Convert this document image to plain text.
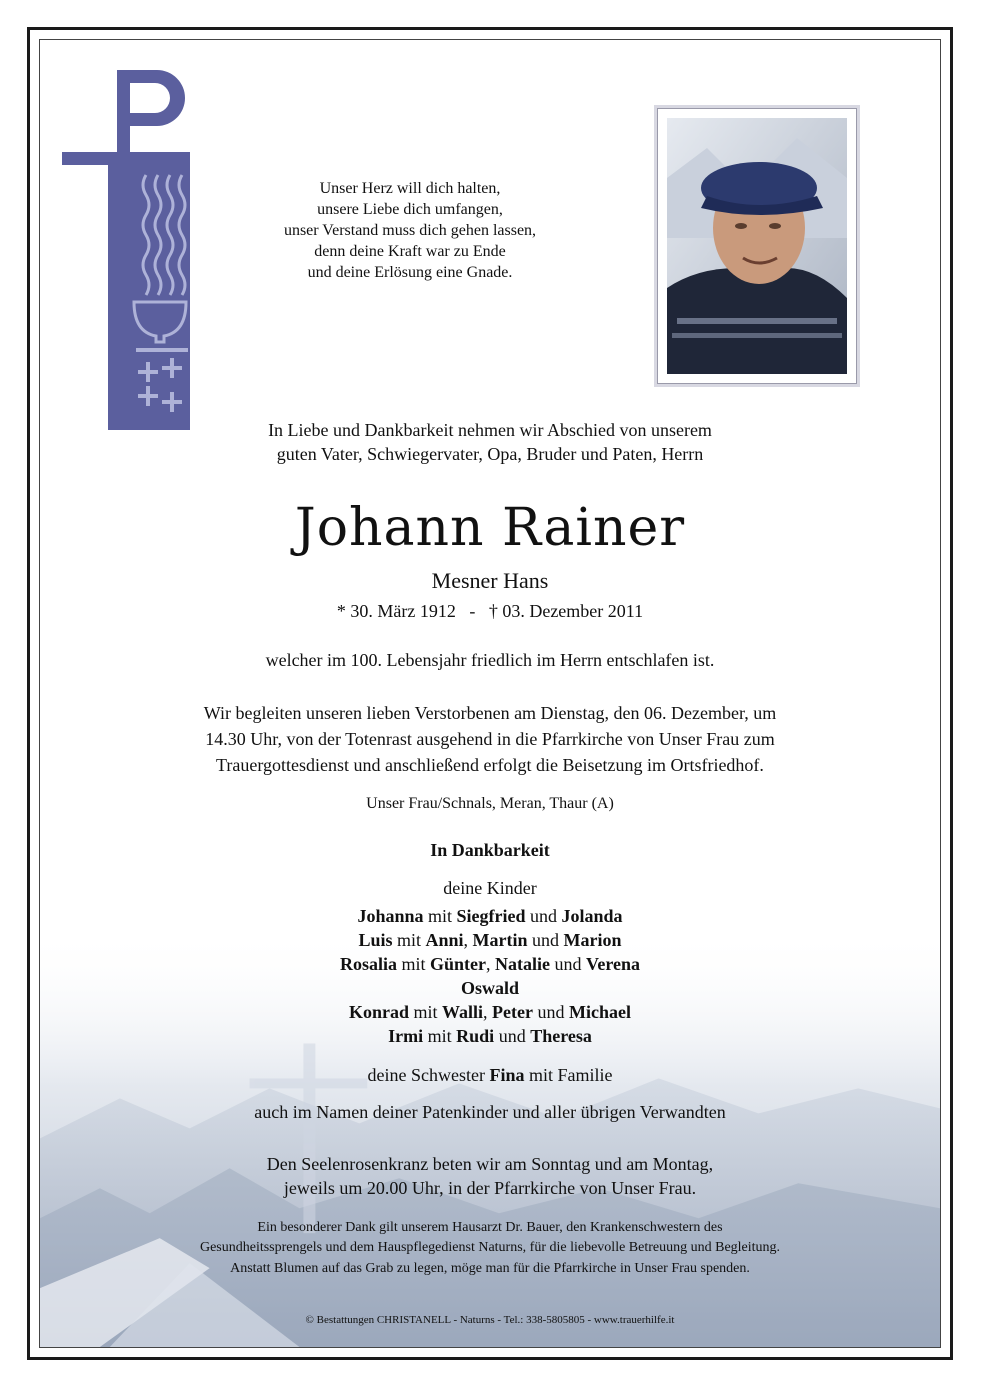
Unser Herz will dich halten,
unsere Liebe dich umfangen,
unser Verstand muss dich gehen lassen,
denn deine Kraft war zu Ende
und deine Erlösung eine Gnade.
In Liebe und Dankbarkeit nehmen wir Abschied von unserem
guten Vater, Schwiegervater, Opa, Bruder und Paten, Herrn
Johann Rainer
Mesner Hans
* 30. März 1912   -   † 03. Dezember 2011
welcher im 100. Lebensjahr friedlich im Herrn entschlafen ist.
Wir begleiten unseren lieben Verstorbenen am Dienstag, den 06. Dezember, um
14.30 Uhr, von der Totenrast ausgehend in die Pfarrkirche von Unser Frau zum
Trauergottesdienst und anschließend erfolgt die Beisetzung im Ortsfriedhof.
Unser Frau/Schnals, Meran, Thaur (A)
In Dankbarkeit
deine Kinder
Johanna mit Siegfried und Jolanda
Luis mit Anni, Martin und Marion
Rosalia mit Günter, Natalie und Verena
Oswald
Konrad mit Walli, Peter und Michael
Irmi mit Rudi und Theresa
deine Schwester Fina mit Familie
auch im Namen deiner Patenkinder und aller übrigen Verwandten
Den Seelenrosenkranz beten wir am Sonntag und am Montag,
jeweils um 20.00 Uhr, in der Pfarrkirche von Unser Frau.
Ein besonderer Dank gilt unserem Hausarzt Dr. Bauer, den Krankenschwestern des
Gesundheitssprengels und dem Hauspflegedienst Naturns, für die liebevolle Betreuung und Begleitung.
Anstatt Blumen auf das Grab zu legen, möge man für die Pfarrkirche in Unser Frau spenden.
© Bestattungen CHRISTANELL - Naturns - Tel.: 338-5805805 - www.trauerhilfe.it
